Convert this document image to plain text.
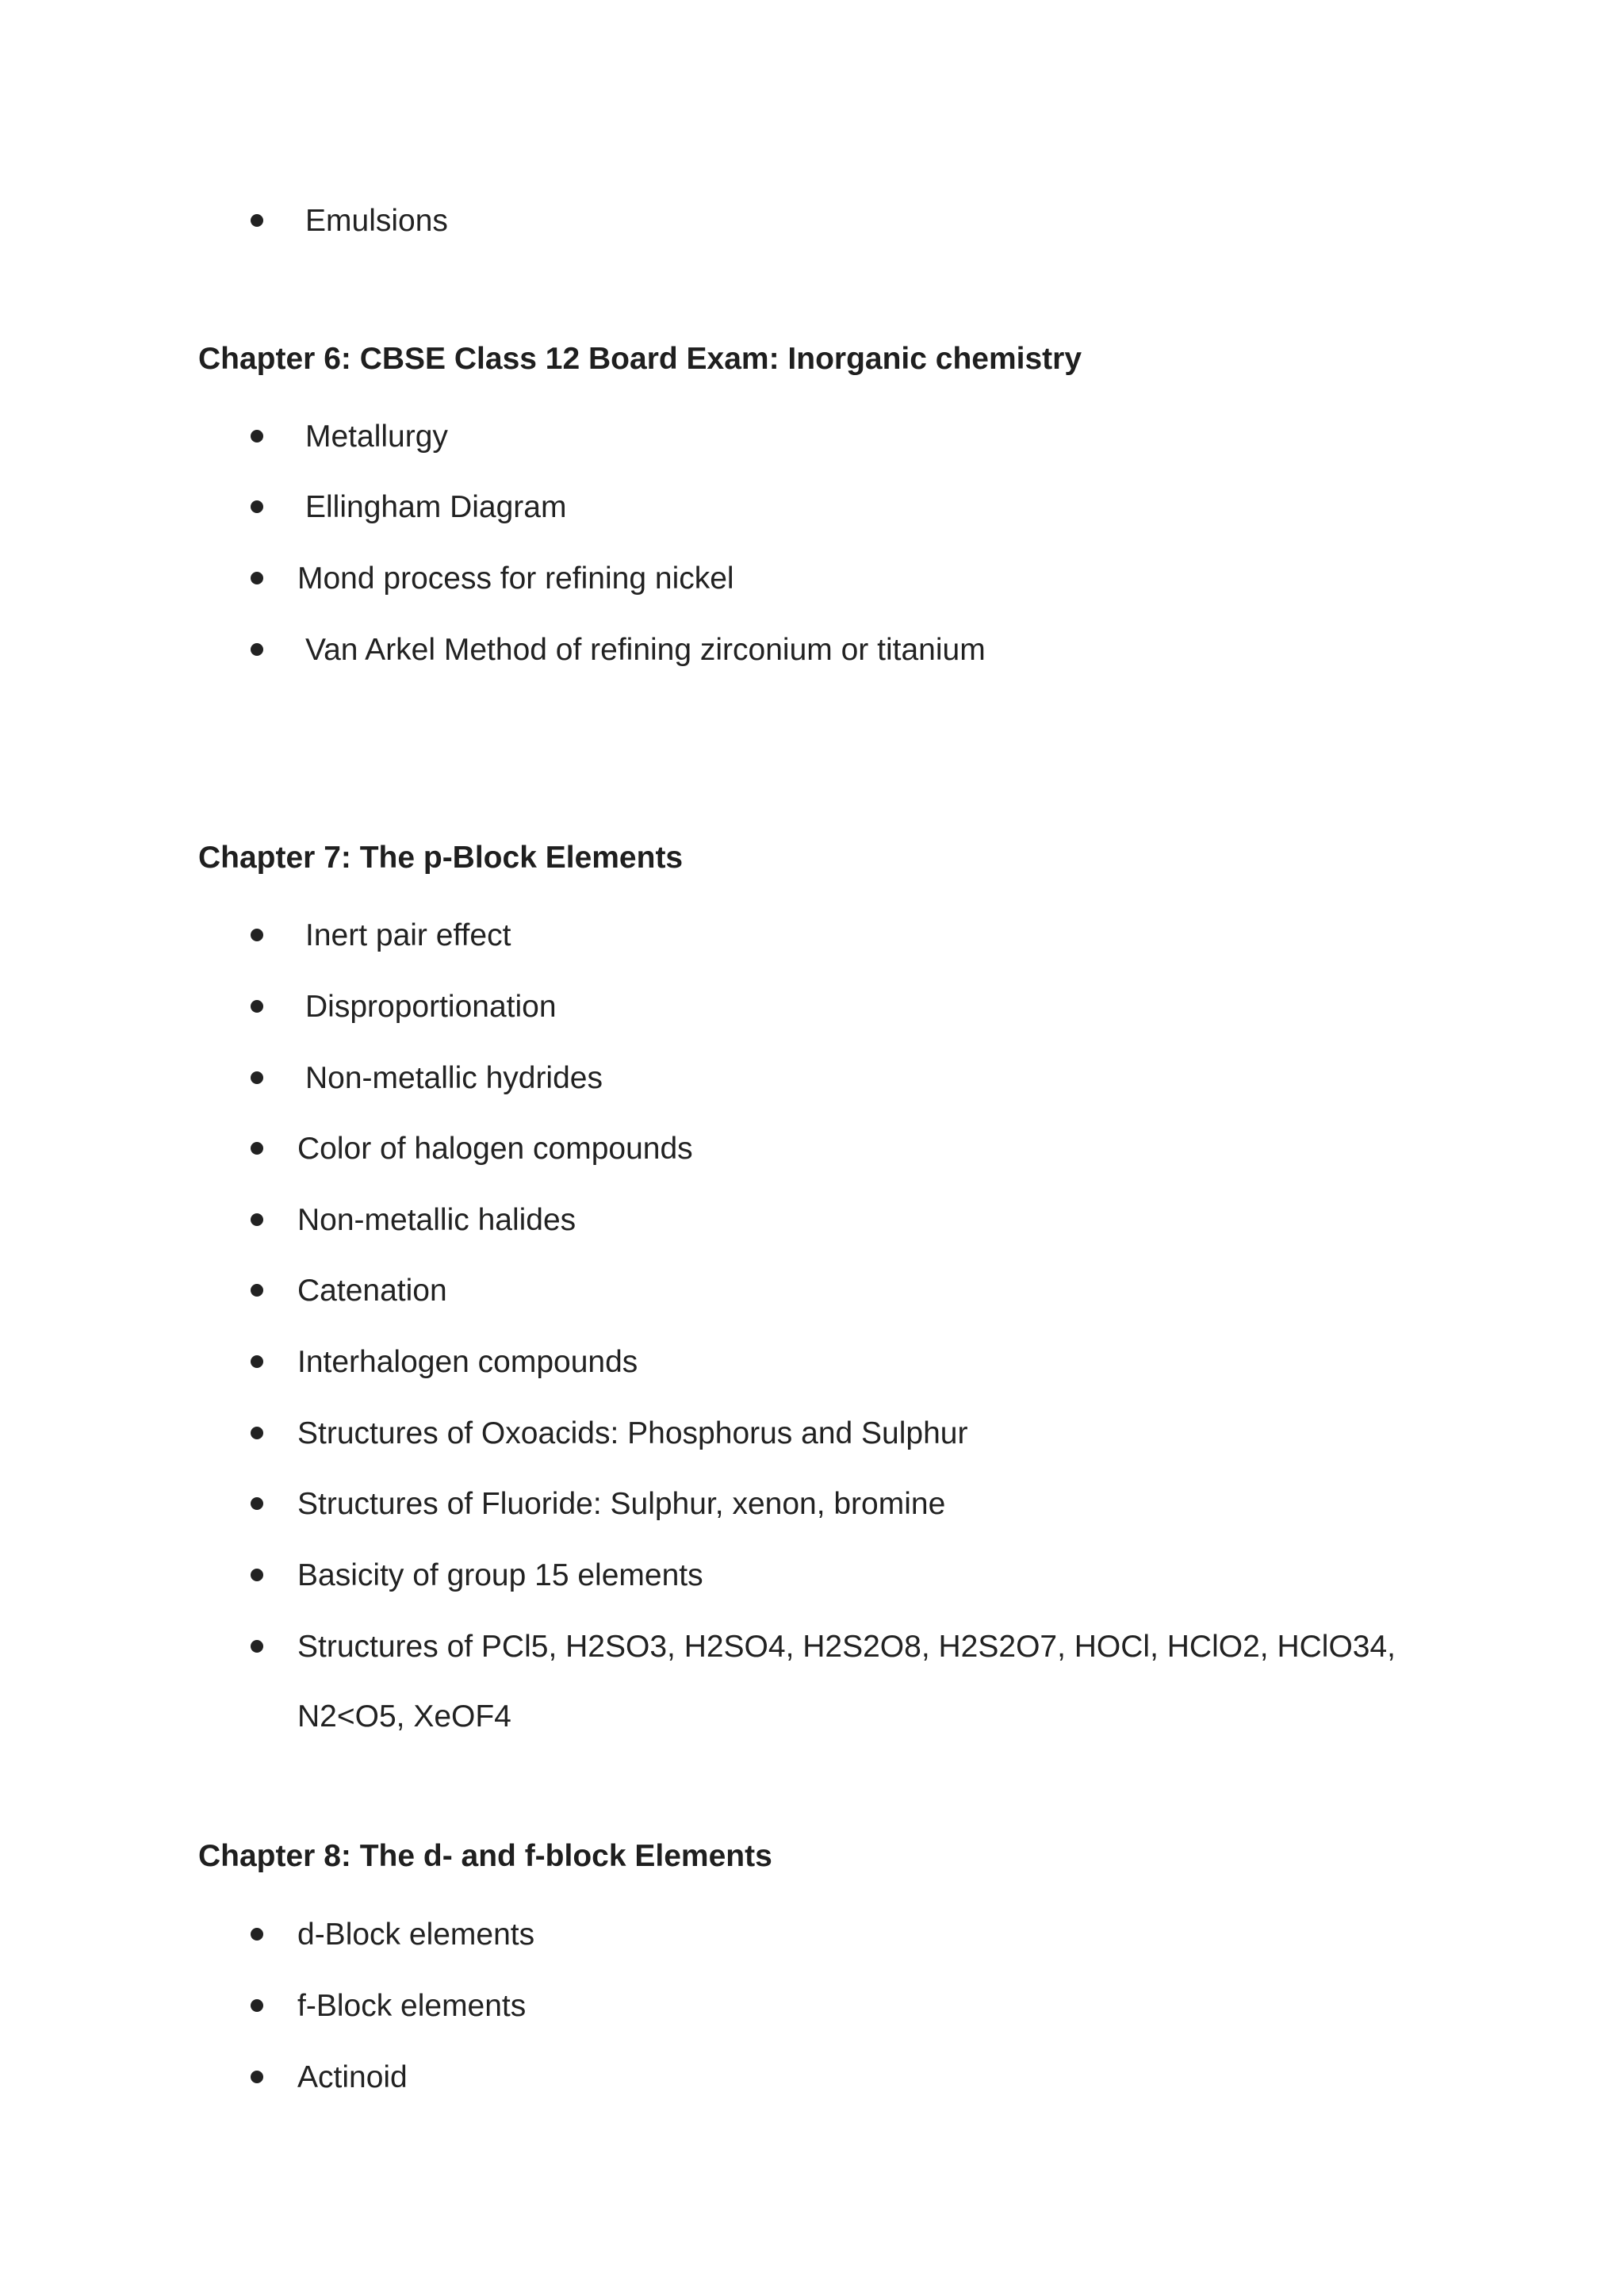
Emulsions
Chapter 6: CBSE Class 12 Board Exam: Inorganic chemistry
Metallurgy
Ellingham Diagram
Mond process for refining nickel
Van Arkel Method of refining zirconium or titanium
Chapter 7: The p-Block Elements
Inert pair effect
Disproportionation
Non-metallic hydrides
Color of halogen compounds
Non-metallic halides
Catenation
Interhalogen compounds
Structures of Oxoacids: Phosphorus and Sulphur
Structures of Fluoride: Sulphur, xenon, bromine
Basicity of group 15 elements
Structures of PCl5, H2SO3, H2SO4, H2S2O8, H2S2O7, HOCl, HClO2, HClO34,
N2<O5, XeOF4
Chapter 8: The d- and f-block Elements
d-Block elements
f-Block elements
Actinoid
